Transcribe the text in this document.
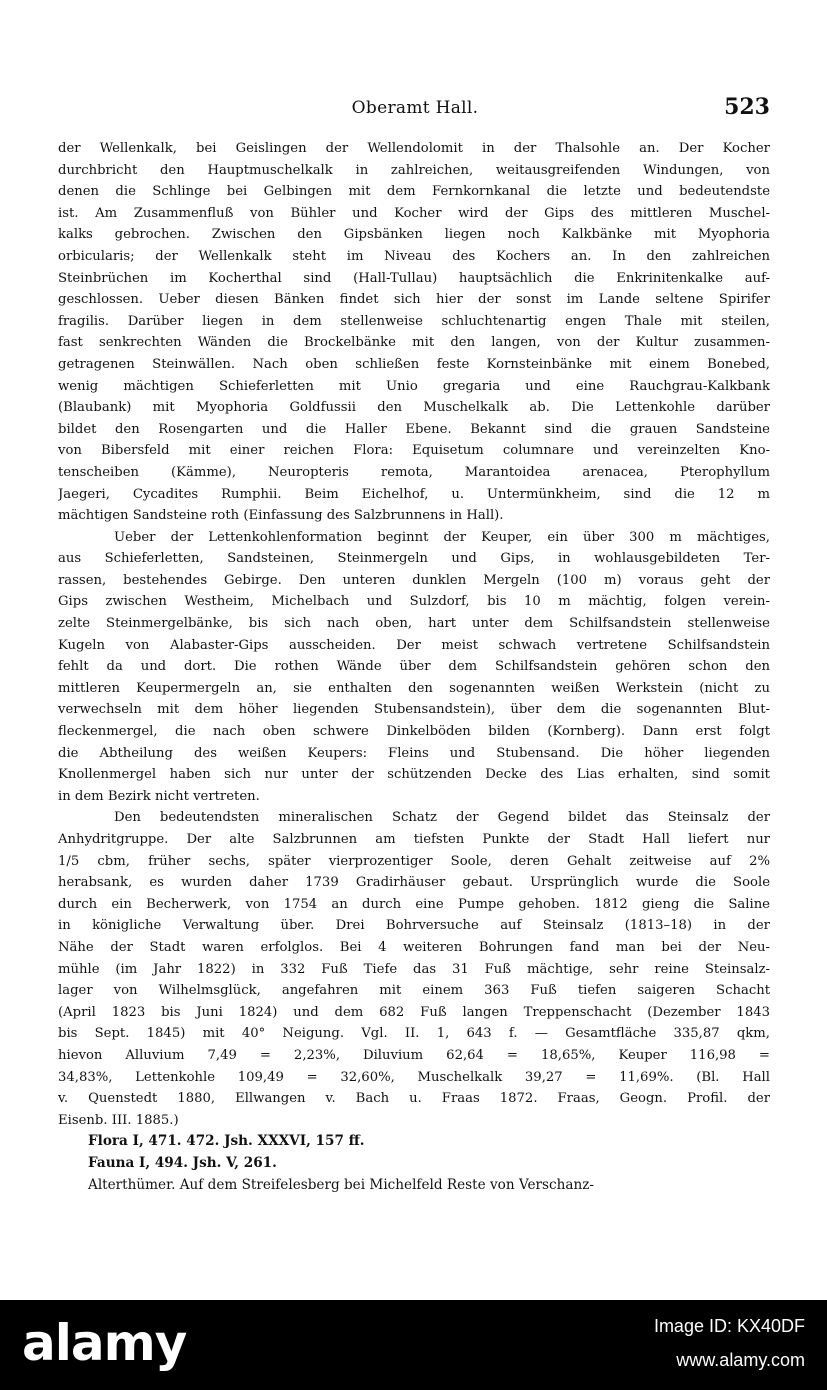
Oberamt Hall.	523
der Wellenkalk, bei Geislingen der Wellendolomit in der Thalsohle an. Der Kocher
durchbricht den Hauptmuschelkalk in zahlreichen, weitausgreifenden Windungen, von
denen die Schlinge bei Gelbingen mit dem Fernkornkanal die letzte und bedeutendste
ist. Am Zusammenfluß von Bühler und Kocher wird der Gips des mittleren Muschel-
kalks gebrochen. Zwischen den Gipsbänken liegen noch Kalkbänke mit Myophoria
orbicularis; der Wellenkalk steht im Niveau des Kochers an. In den zahlreichen
Steinbrüchen im Kocherthal sind (Hall-Tullau) hauptsächlich die Enkrinitenkalke auf-
geschlossen. Ueber diesen Bänken findet sich hier der sonst im Lande seltene Spirifer
fragilis. Darüber liegen in dem stellenweise schluchtenartig engen Thale mit steilen,
fast senkrechten Wänden die Brockelbänke mit den langen, von der Kultur zusammen-
getragenen Steinwällen. Nach oben schließen feste Kornsteinbänke mit einem Bonebed,
wenig mächtigen Schieferletten mit Unio gregaria und eine Rauchgrau-Kalkbank
(Blaubank) mit Myophoria Goldfussii den Muschelkalk ab. Die Lettenkohle darüber
bildet den Rosengarten und die Haller Ebene. Bekannt sind die grauen Sandsteine
von Bibersfeld mit einer reichen Flora: Equisetum columnare und vereinzelten Kno-
tenscheiben (Kämme), Neuropteris remota, Marantoidea arenacea, Pterophyllum
Jaegeri, Cycadites Rumphii. Beim Eichelhof, u. Untermünkheim, sind die 12 m
mächtigen Sandsteine roth (Einfassung des Salzbrunnens in Hall).
Ueber der Lettenkohlenformation beginnt der Keuper, ein über 300 m mächtiges,
aus Schieferletten, Sandsteinen, Steinmergeln und Gips, in wohlausgebildeten Ter-
rassen, bestehendes Gebirge. Den unteren dunklen Mergeln (100 m) voraus geht der
Gips zwischen Westheim, Michelbach und Sulzdorf, bis 10 m mächtig, folgen verein-
zelte Steinmergelbänke, bis sich nach oben, hart unter dem Schilfsandstein stellenweise
Kugeln von Alabaster-Gips ausscheiden. Der meist schwach vertretene Schilfsandstein
fehlt da und dort. Die rothen Wände über dem Schilfsandstein gehören schon den
mittleren Keupermergeln an, sie enthalten den sogenannten weißen Werkstein (nicht zu
verwechseln mit dem höher liegenden Stubensandstein), über dem die sogenannten Blut-
fleckenmergel, die nach oben schwere Dinkelböden bilden (Kornberg). Dann erst folgt
die Abtheilung des weißen Keupers: Fleins und Stubensand. Die höher liegenden
Knollenmergel haben sich nur unter der schützenden Decke des Lias erhalten, sind somit
in dem Bezirk nicht vertreten.
Den bedeutendsten mineralischen Schatz der Gegend bildet das Steinsalz der
Anhydritgruppe. Der alte Salzbrunnen am tiefsten Punkte der Stadt Hall liefert nur
1/5 cbm, früher sechs, später vierprozentiger Soole, deren Gehalt zeitweise auf 2%
herabsank, es wurden daher 1739 Gradirhäuser gebaut. Ursprünglich wurde die Soole
durch ein Becherwerk, von 1754 an durch eine Pumpe gehoben. 1812 gieng die Saline
in königliche Verwaltung über. Drei Bohrversuche auf Steinsalz (1813–18) in der
Nähe der Stadt waren erfolglos. Bei 4 weiteren Bohrungen fand man bei der Neu-
mühle (im Jahr 1822) in 332 Fuß Tiefe das 31 Fuß mächtige, sehr reine Steinsalz-
lager von Wilhelmsglück, angefahren mit einem 363 Fuß tiefen saigeren Schacht
(April 1823 bis Juni 1824) und dem 682 Fuß langen Treppenschacht (Dezember 1843
bis Sept. 1845) mit 40° Neigung. Vgl. II. 1, 643 f. — Gesamtfläche 335,87 qkm,
hievon Alluvium 7,49 = 2,23%, Diluvium 62,64 = 18,65%, Keuper 116,98 =
34,83%, Lettenkohle 109,49 = 32,60%, Muschelkalk 39,27 = 11,69%. (Bl. Hall
v. Quenstedt 1880, Ellwangen v. Bach u. Fraas 1872. Fraas, Geogn. Profil. der
Eisenb. III. 1885.)
Flora I, 471. 472. Jsh. XXXVI, 157 ff.
Fauna I, 494. Jsh. V, 261.
Alterthümer. Auf dem Streifelesberg bei Michelfeld Reste von Verschanz-
alamy	Image ID: KX40DF
www.alamy.com
